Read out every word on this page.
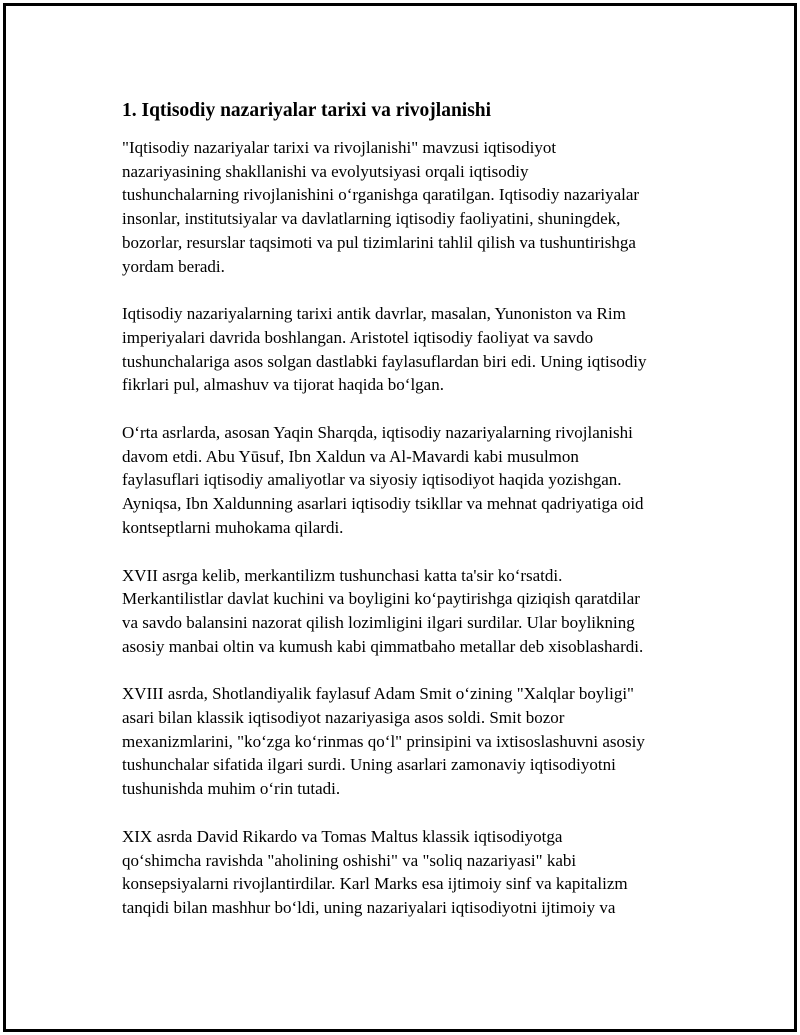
1. Iqtisodiy nazariyalar tarixi va rivojlanishi
"Iqtisodiy nazariyalar tarixi va rivojlanishi" mavzusi iqtisodiyot
nazariyasining shakllanishi va evolyutsiyasi orqali iqtisodiy
tushunchalarning rivojlanishini oʻrganishga qaratilgan. Iqtisodiy nazariyalar
insonlar, institutsiyalar va davlatlarning iqtisodiy faoliyatini, shuningdek,
bozorlar, resurslar taqsimoti va pul tizimlarini tahlil qilish va tushuntirishga
yordam beradi.
Iqtisodiy nazariyalarning tarixi antik davrlar, masalan, Yunoniston va Rim
imperiyalari davrida boshlangan. Aristotel iqtisodiy faoliyat va savdo
tushunchalariga asos solgan dastlabki faylasuflardan biri edi. Uning iqtisodiy
fikrlari pul, almashuv va tijorat haqida boʻlgan.
Oʻrta asrlarda, asosan Yaqin Sharqda, iqtisodiy nazariyalarning rivojlanishi
davom etdi. Abu Yūsuf, Ibn Xaldun va Al-Mavardi kabi musulmon
faylasuflari iqtisodiy amaliyotlar va siyosiy iqtisodiyot haqida yozishgan.
Ayniqsa, Ibn Xaldunning asarlari iqtisodiy tsikllar va mehnat qadriyatiga oid
kontseptlarni muhokama qilardi.
XVII asrga kelib, merkantilizm tushunchasi katta ta'sir koʻrsatdi.
Merkantilistlar davlat kuchini va boyligini koʻpaytirishga qiziqish qaratdilar
va savdo balansini nazorat qilish lozimligini ilgari surdilar. Ular boylikning
asosiy manbai oltin va kumush kabi qimmatbaho metallar deb xisoblashardi.
XVIII asrda, Shotlandiyalik faylasuf Adam Smit oʻzining "Xalqlar boyligi"
asari bilan klassik iqtisodiyot nazariyasiga asos soldi. Smit bozor
mexanizmlarini, "koʻzga koʻrinmas qoʻl" prinsipini va ixtisoslashuvni asosiy
tushunchalar sifatida ilgari surdi. Uning asarlari zamonaviy iqtisodiyotni
tushunishda muhim oʻrin tutadi.
XIX asrda David Rikardo va Tomas Maltus klassik iqtisodiyotga
qoʻshimcha ravishda "aholining oshishi" va "soliq nazariyasi" kabi
konsepsiyalarni rivojlantirdilar. Karl Marks esa ijtimoiy sinf va kapitalizm
tanqidi bilan mashhur boʻldi, uning nazariyalari iqtisodiyotni ijtimoiy va
